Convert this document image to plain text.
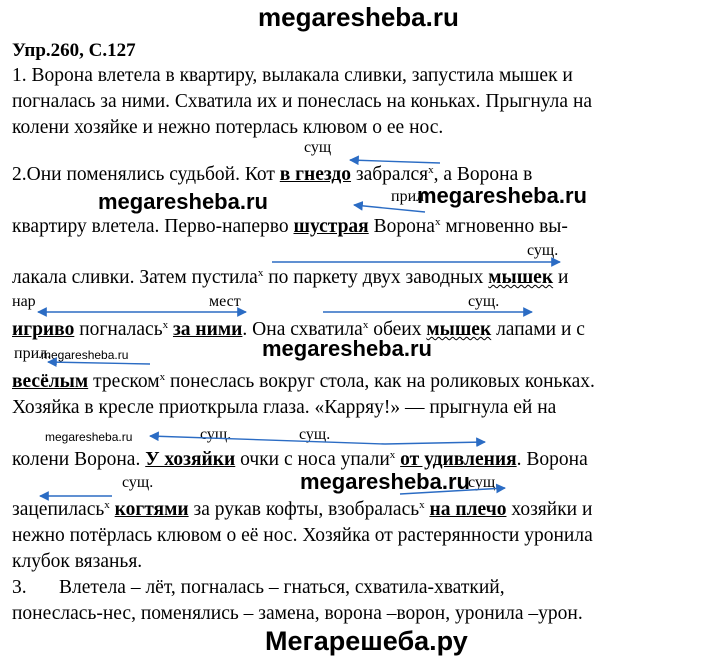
megaresheba.ru
megaresheba.ru	megaresheba.ru
megaresheba.ru
megaresheba.ru
megaresheba.ru
megaresheba.ru
Мегарешеба.ру
Упр.260, С.127
1. Ворона влетела в квартиру, вылакала сливки, запустила мышек и
погналась за ними. Схватила их и понеслась на коньках. Прыгнула на
колени хозяйке и нежно потерлась клювом о ее нос.
сущ
прил
сущ.
нар	мест	сущ.
прил.
сущ.	сущ.
сущ.	сущ.
2.Они поменялись судьбой. Кот в гнездо забрался$^x$, а Ворона в
квартиру влетела. Перво-наперво шустрая Ворона$^x$ мгновенно вы-
лакала сливки. Затем пустила$^x$ по паркету двух заводных мышек и
игриво погналась$^x$ за ними. Она схватила$^x$ обеих мышек лапами и с
весёлым треском$^x$ понеслась вокруг стола, как на роликовых коньках.
Хозяйка в кресле приоткрыла глаза. «Карряу!» — прыгнула ей на
колени Ворона. У хозяйки очки с носа упали$^x$ от удивления. Ворона
зацепилась$^x$ когтями за рукав кофты, взобралась$^x$ на плечо хозяйки и
нежно потёрлась клювом о её нос. Хозяйка от растерянности уронила
клубок вязанья.
3. Влетела – лёт, погналась – гнаться, схватила-хваткий,
понеслась-нес, поменялись – замена, ворона –ворон, уронила –урон.
